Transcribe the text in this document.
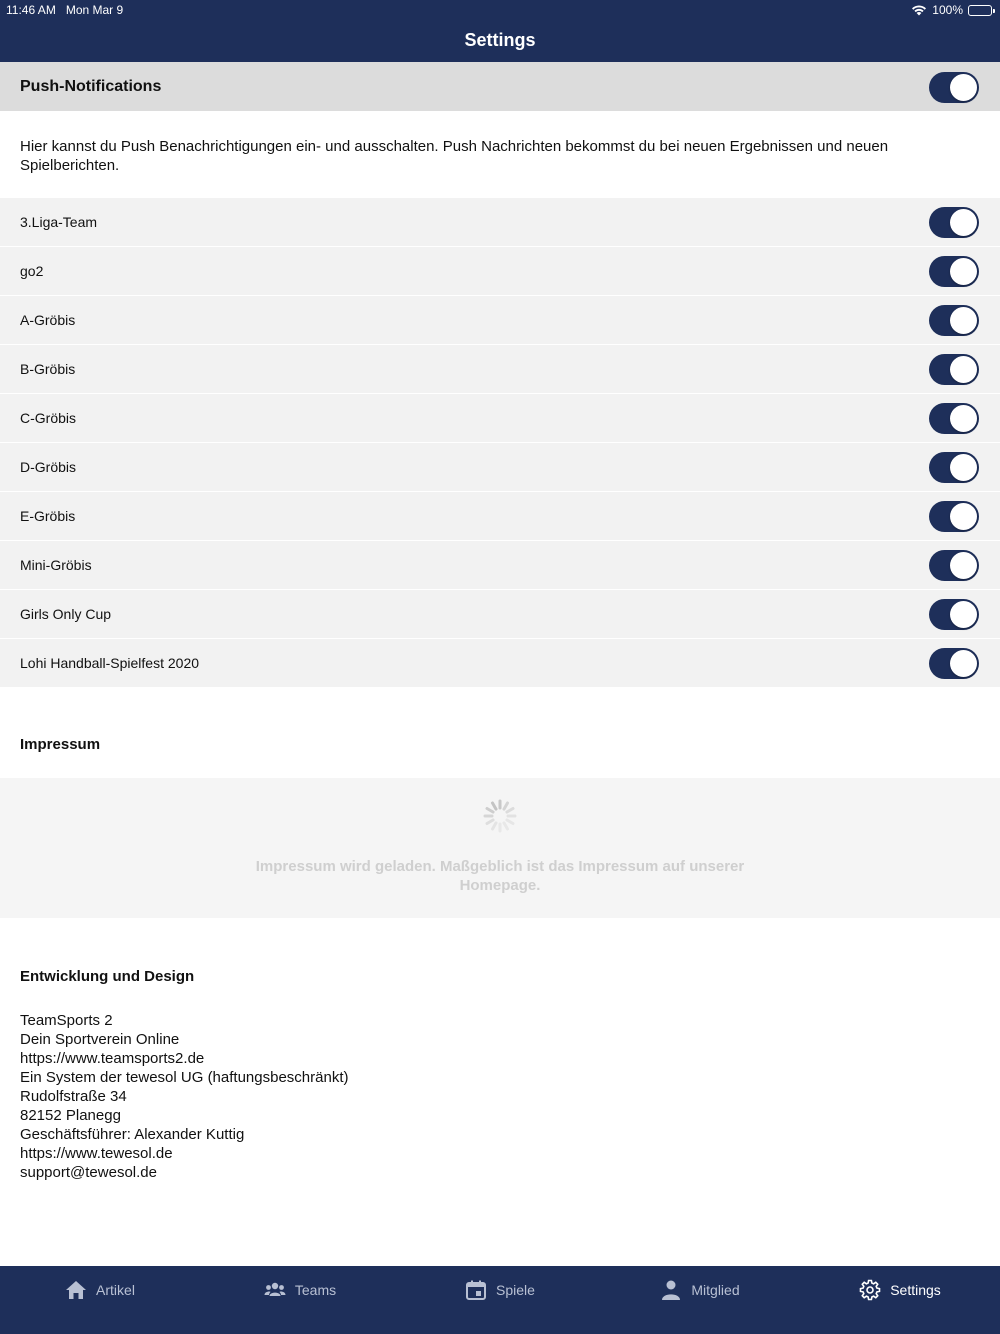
11:46 AM Mon Mar 9	100%
Settings
Push-Notifications
Hier kannst du Push Benachrichtigungen ein- und ausschalten. Push Nachrichten bekommst du bei neuen Ergebnissen und neuen Spielberichten.
3.Liga-Team
go2
A-Gröbis
B-Gröbis
C-Gröbis
D-Gröbis
E-Gröbis
Mini-Gröbis
Girls Only Cup
Lohi Handball-Spielfest 2020
Impressum
Impressum wird geladen. Maßgeblich ist das Impressum auf unserer Homepage.
Entwicklung und Design
TeamSports 2
Dein Sportverein Online
https://www.teamsports2.de
Ein System der tewesol UG (haftungsbeschränkt)
Rudolfstraße 34
82152 Planegg
Geschäftsführer: Alexander Kuttig
https://www.tewesol.de
support@tewesol.de
Artikel	Teams	Spiele	Mitglied	Settings
